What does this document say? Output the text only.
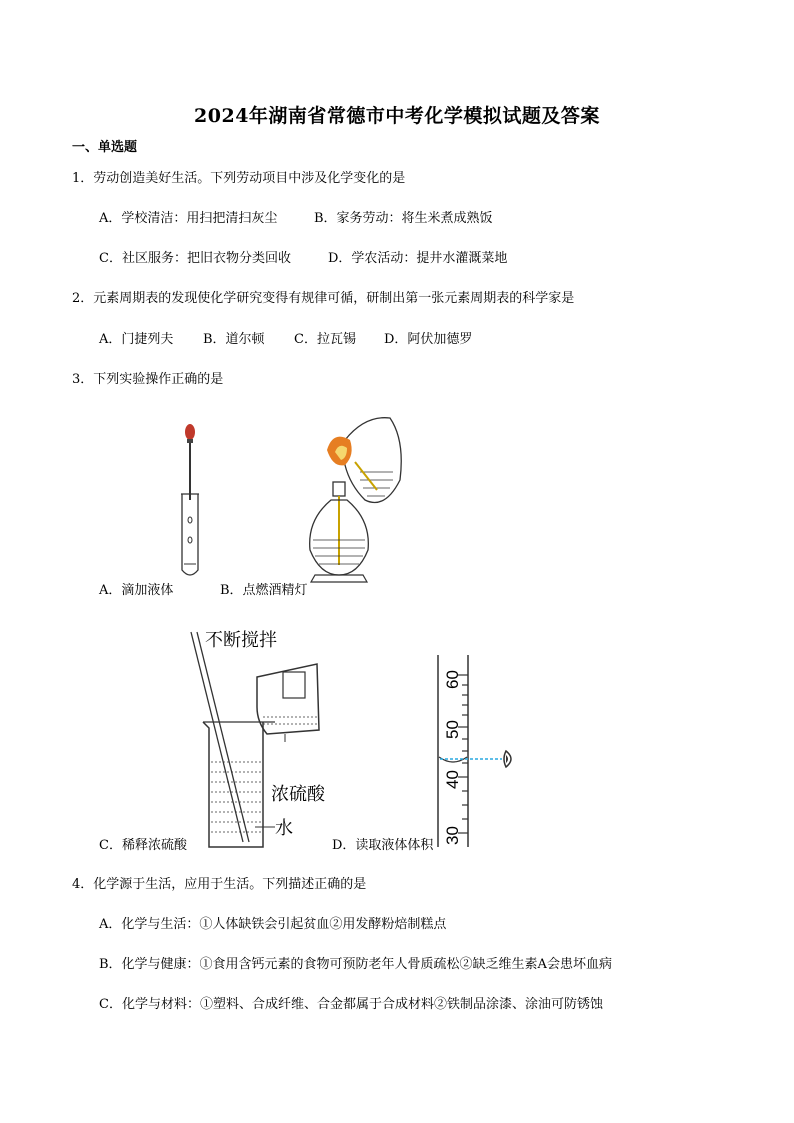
2024年湖南省常德市中考化学模拟试题及答案
一、单选题
1．劳动创造美好生活。下列劳动项目中涉及化学变化的是
A．学校清洁：用扫把清扫灰尘	B．家务劳动：将生米煮成熟饭
C．社区服务：把旧衣物分类回收	D．学农活动：提井水灌溉菜地
2．元素周期表的发现使化学研究变得有规律可循，研制出第一张元素周期表的科学家是
A．门捷列夫 B．道尔顿 C．拉瓦锡 D．阿伏加德罗
3．下列实验操作正确的是
A．滴加液体	B．点燃酒精灯
不断搅拌
浓硫酸
水
C．稀释浓硫酸
60
50
40
30
D．读取液体体积
4．化学源于生活，应用于生活。下列描述正确的是
A．化学与生活：①人体缺铁会引起贫血②用发酵粉焙制糕点
B．化学与健康：①食用含钙元素的食物可预防老年人骨质疏松②缺乏维生素A会患坏血病
C．化学与材料：①塑料、合成纤维、合金都属于合成材料②铁制品涂漆、涂油可防锈蚀
